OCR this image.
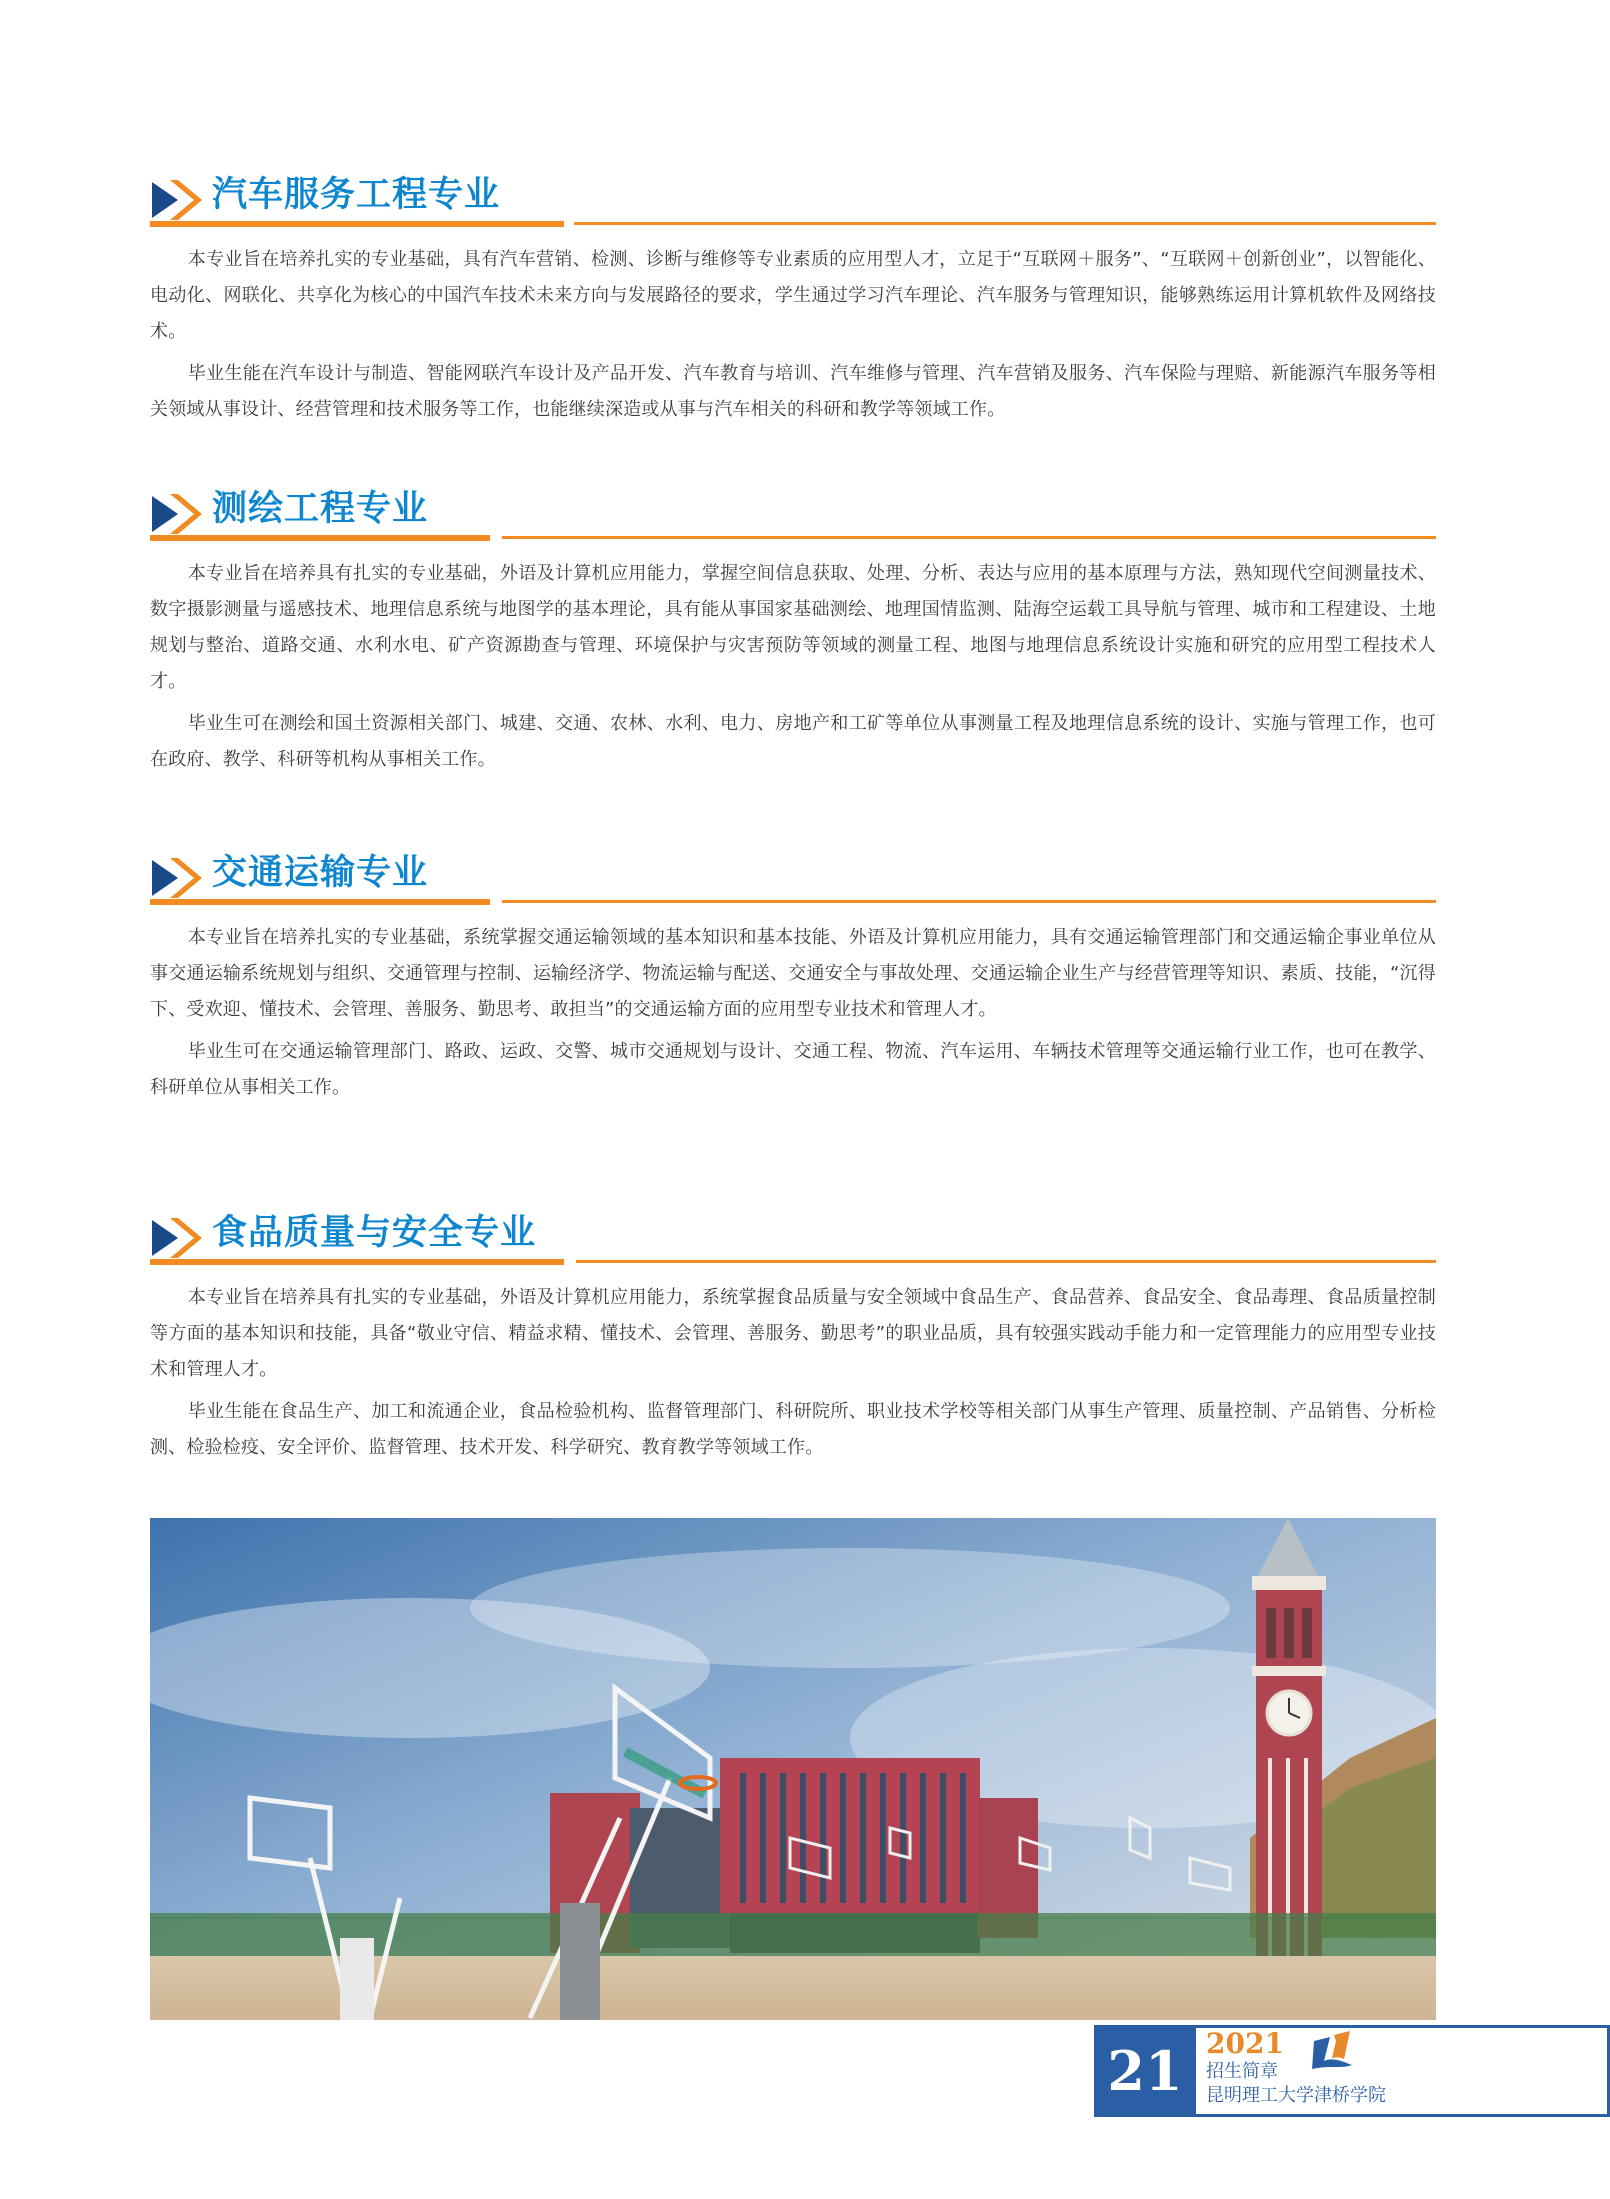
汽车服务工程专业

本专业旨在培养扎实的专业基础，具有汽车营销、检测、诊断与维修等专业素质的应用型人才，立足于“互联网＋服务”、“互联网＋创新创业”，以智能化、电动化、网联化、共享化为核心的中国汽车技术未来方向与发展路径的要求，学生通过学习汽车理论、汽车服务与管理知识，能够熟练运用计算机软件及网络技术。

毕业生能在汽车设计与制造、智能网联汽车设计及产品开发、汽车教育与培训、汽车维修与管理、汽车营销及服务、汽车保险与理赔、新能源汽车服务等相关领域从事设计、经营管理和技术服务等工作，也能继续深造或从事与汽车相关的科研和教学等领域工作。

测绘工程专业

本专业旨在培养具有扎实的专业基础，外语及计算机应用能力，掌握空间信息获取、处理、分析、表达与应用的基本原理与方法，熟知现代空间测量技术、数字摄影测量与遥感技术、地理信息系统与地图学的基本理论，具有能从事国家基础测绘、地理国情监测、陆海空运载工具导航与管理、城市和工程建设、土地规划与整治、道路交通、水利水电、矿产资源勘查与管理、环境保护与灾害预防等领域的测量工程、地图与地理信息系统设计实施和研究的应用型工程技术人才。

毕业生可在测绘和国土资源相关部门、城建、交通、农林、水利、电力、房地产和工矿等单位从事测量工程及地理信息系统的设计、实施与管理工作，也可在政府、教学、科研等机构从事相关工作。

交通运输专业

本专业旨在培养扎实的专业基础，系统掌握交通运输领域的基本知识和基本技能、外语及计算机应用能力，具有交通运输管理部门和交通运输企事业单位从事交通运输系统规划与组织、交通管理与控制、运输经济学、物流运输与配送、交通安全与事故处理、交通运输企业生产与经营管理等知识、素质、技能，“沉得下、受欢迎、懂技术、会管理、善服务、勤思考、敢担当”的交通运输方面的应用型专业技术和管理人才。

毕业生可在交通运输管理部门、路政、运政、交警、城市交通规划与设计、交通工程、物流、汽车运用、车辆技术管理等交通运输行业工作，也可在教学、科研单位从事相关工作。

食品质量与安全专业

本专业旨在培养具有扎实的专业基础，外语及计算机应用能力，系统掌握食品质量与安全领域中食品生产、食品营养、食品安全、食品毒理、食品质量控制等方面的基本知识和技能，具备“敬业守信、精益求精、懂技术、会管理、善服务、勤思考”的职业品质，具有较强实践动手能力和一定管理能力的应用型专业技术和管理人才。

毕业生能在食品生产、加工和流通企业，食品检验机构、监督管理部门、科研院所、职业技术学校等相关部门从事生产管理、质量控制、产品销售、分析检测、检验检疫、安全评价、监督管理、技术开发、科学研究、教育教学等领域工作。

21 2021
招生简章
昆明理工大学津桥学院
